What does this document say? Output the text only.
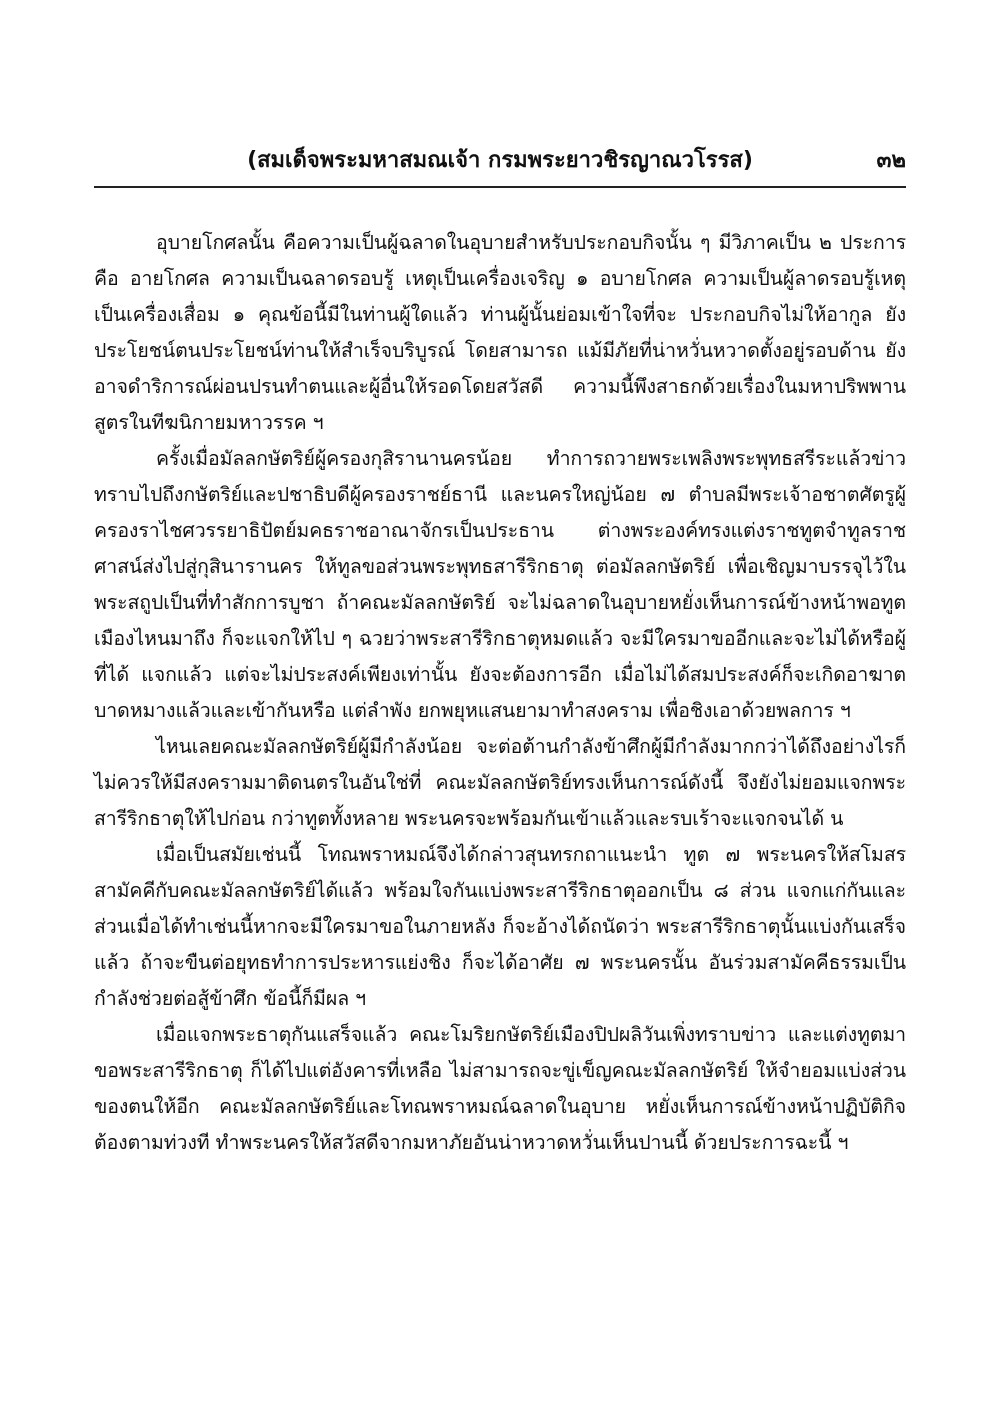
(สมเด็จพระมหาสมณเจ้า กรมพระยาวชิรญาณวโรรส)	๓๒

อุบายโกศลนั้น คือความเป็นผู้ฉลาดในอุบายสำหรับประกอบกิจนั้น ๆ มีวิภาคเป็น ๒ ประการ คือ อายโกศล ความเป็นฉลาดรอบรู้ เหตุเป็นเครื่องเจริญ ๑ อบายโกศล ความเป็นผู้ลาดรอบรู้เหตุเป็นเครื่องเสื่อม ๑ คุณข้อนี้มีในท่านผู้ใดแล้ว ท่านผู้นั้นย่อมเข้าใจที่จะ ประกอบกิจไม่ให้อากูล ยังประโยชน์ตนประโยชน์ท่านให้สำเร็จบริบูรณ์ โดยสามารถ แม้มีภัยที่น่าหวั่นหวาดตั้งอยู่รอบด้าน ยังอาจดำริการณ์ผ่อนปรนทำตนและผู้อื่นให้รอดโดยสวัสดี ความนี้พึงสาธกด้วยเรื่องในมหาปริพพานสูตรในทีฆนิกายมหาวรรค ฯ

ครั้งเมื่อมัลลกษัตริย์ผู้ครองกุสิรานานครน้อย ทำการถวายพระเพลิงพระพุทธสรีระแล้วข่าวทราบไปถึงกษัตริย์และปชาธิบดีผู้ครองราชย์ธานี และนครใหญ่น้อย ๗ ตำบลมีพระเจ้าอชาตศัตรูผู้ครองราไชศวรรยาธิปัตย์มคธราชอาณาจักรเป็นประธาน ต่างพระองค์ทรงแต่งราชทูตจำทูลราชศาสน์ส่งไปสู่กุสินารานคร ให้ทูลขอส่วนพระพุทธสารีริกธาตุ ต่อมัลลกษัตริย์ เพื่อเชิญมาบรรจุไว้ในพระสถูปเป็นที่ทำสักการบูชา ถ้าคณะมัลลกษัตริย์ จะไม่ฉลาดในอุบายหยั่งเห็นการณ์ข้างหน้าพอทูตเมืองไหนมาถึง ก็จะแจกให้ไป ๆ ฉวยว่าพระสารีริกธาตุหมดแล้ว จะมีใครมาขออีกและจะไม่ได้หรือผู้ที่ได้ แจกแล้ว แต่จะไม่ประสงค์เพียงเท่านั้น ยังจะต้องการอีก เมื่อไม่ได้สมประสงค์ก็จะเกิดอาฆาต บาดหมางแล้วและเข้ากันหรือ แต่ลำพัง ยกพยุหแสนยามาทำสงคราม เพื่อชิงเอาด้วยพลการ ฯ

ไหนเลยคณะมัลลกษัตริย์ผู้มีกำลังน้อย จะต่อต้านกำลังข้าศึกผู้มีกำลังมากกว่าได้ถึงอย่างไรก็ไม่ควรให้มีสงครามมาติดนตรในอันใช่ที่ คณะมัลลกษัตริย์ทรงเห็นการณ์ดังนี้ จึงยังไม่ยอมแจกพระสารีริกธาตุให้ไปก่อน กว่าทูตทั้งหลาย พระนครจะพร้อมกันเข้าแล้วและรบเร้าจะแจกจนได้ น

เมื่อเป็นสมัยเช่นนี้ โทณพราหมณ์จึงได้กล่าวสุนทรกถาแนะนำ ทูต ๗ พระนครให้สโมสรสามัคคีกับคณะมัลลกษัตริย์ได้แล้ว พร้อมใจกันแบ่งพระสารีริกธาตุออกเป็น ๘ ส่วน แจกแก่กันและส่วนเมื่อได้ทำเช่นนี้หากจะมีใครมาขอในภายหลัง ก็จะอ้างได้ถนัดว่า พระสารีริกธาตุนั้นแบ่งกันเสร็จแล้ว ถ้าจะขืนต่อยุทธทำการประหารแย่งชิง ก็จะได้อาศัย ๗ พระนครนั้น อันร่วมสามัคคีธรรมเป็นกำลังช่วยต่อสู้ข้าศึก ข้อนี้ก็มีผล ฯ

เมื่อแจกพระธาตุกันแสร็จแล้ว คณะโมริยกษัตริย์เมืองปิปผลิวันเพิ่งทราบข่าว และแต่งทูตมาขอพระสารีริกธาตุ ก็ได้ไปแต่อังคารที่เหลือ ไม่สามารถจะขู่เข็ญคณะมัลลกษัตริย์ ให้จำยอมแบ่งส่วนของตนให้อีก คณะมัลลกษัตริย์และโทณพราหมณ์ฉลาดในอุบาย หยั่งเห็นการณ์ข้างหน้าปฏิบัติกิจต้องตามท่วงที ทำพระนครให้สวัสดีจากมหาภัยอันน่าหวาดหวั่นเห็นปานนี้ ด้วยประการฉะนี้ ฯ
